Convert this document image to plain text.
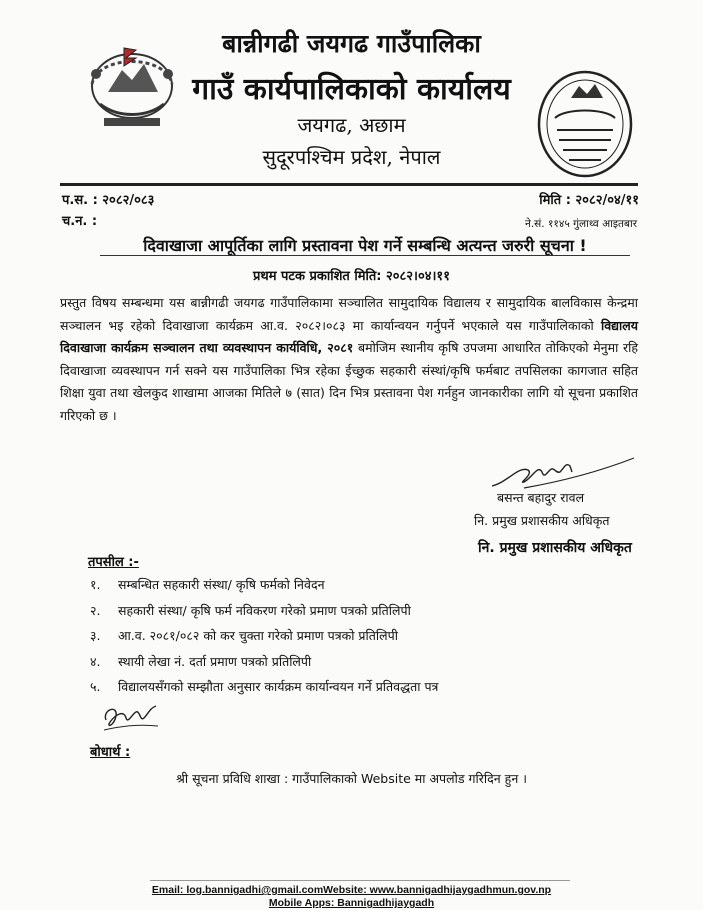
बान्नीगढी जयगढ गाउँपालिका
गाउँ कार्यपालिकाको कार्यालय
जयगढ, अछाम
सुदूरपश्चिम प्रदेश, नेपाल
प.स. : २०८२/०८३	मिति : २०८२/०४/११
च.न. :	ने.सं. ११४५ गुंलाथ्व आइतबार
दिवाखाजा आपूर्तिका लागि प्रस्तावना पेश गर्ने सम्बन्धि अत्यन्त जरुरी सूचना !
प्रथम पटक प्रकाशित मिति: २०८२।०४।११
प्रस्तुत विषय सम्बन्धमा यस बान्नीगढी जयगढ गाउँपालिकामा सञ्चालित सामुदायिक विद्यालय र सामुदायिक बालविकास केन्द्रमा सञ्चालन भइ रहेको दिवाखाजा कार्यक्रम आ.व. २०८२।०८३ मा कार्यान्वयन गर्नुपर्ने भएकाले यस गाउँपालिकाको विद्यालय दिवाखाजा कार्यक्रम सञ्चालन तथा व्यवस्थापन कार्यविधि, २०८१ बमोजिम स्थानीय कृषि उपजमा आधारित तोकिएको मेनुमा रहि दिवाखाजा व्यवस्थापन गर्न सक्ने यस गाउँपालिका भित्र रहेका ईच्छुक सहकारी संस्थां/कृषि फर्मबाट तपसिलका कागजात सहित शिक्षा युवा तथा खेलकुद शाखामा आजका मितिले ७ (सात) दिन भित्र प्रस्तावना पेश गर्नहुन जानकारीका लागि यो सूचना प्रकाशित गरिएको छ ।
बसन्त बहादुर रावल
नि. प्रमुख प्रशासकीय अधिकृत
नि. प्रमुख प्रशासकीय अधिकृत
तपसील :-
१.	सम्बन्धित सहकारी संस्था/ कृषि फर्मको निवेदन
२.	सहकारी संस्था/ कृषि फर्म नविकरण गरेको प्रमाण पत्रको प्रतिलिपी
३.	आ.व. २०८१/०८२ को कर चुक्ता गरेको प्रमाण पत्रको प्रतिलिपी
४.	स्थायी लेखा नं. दर्ता प्रमाण पत्रको प्रतिलिपी
५.	विद्यालयसँगको सम्झौता अनुसार कार्यक्रम कार्यान्वयन गर्ने प्रतिवद्धता पत्र
बोधार्थ :
श्री सूचना प्रविधि शाखा : गाउँपालिकाको Website मा अपलोड गरिदिन हुन ।
Email: log.bannigadhi@gmail.comWebsite: www.bannigadhijaygadhmun.gov.np
Mobile Apps: Bannigadhijaygadh
